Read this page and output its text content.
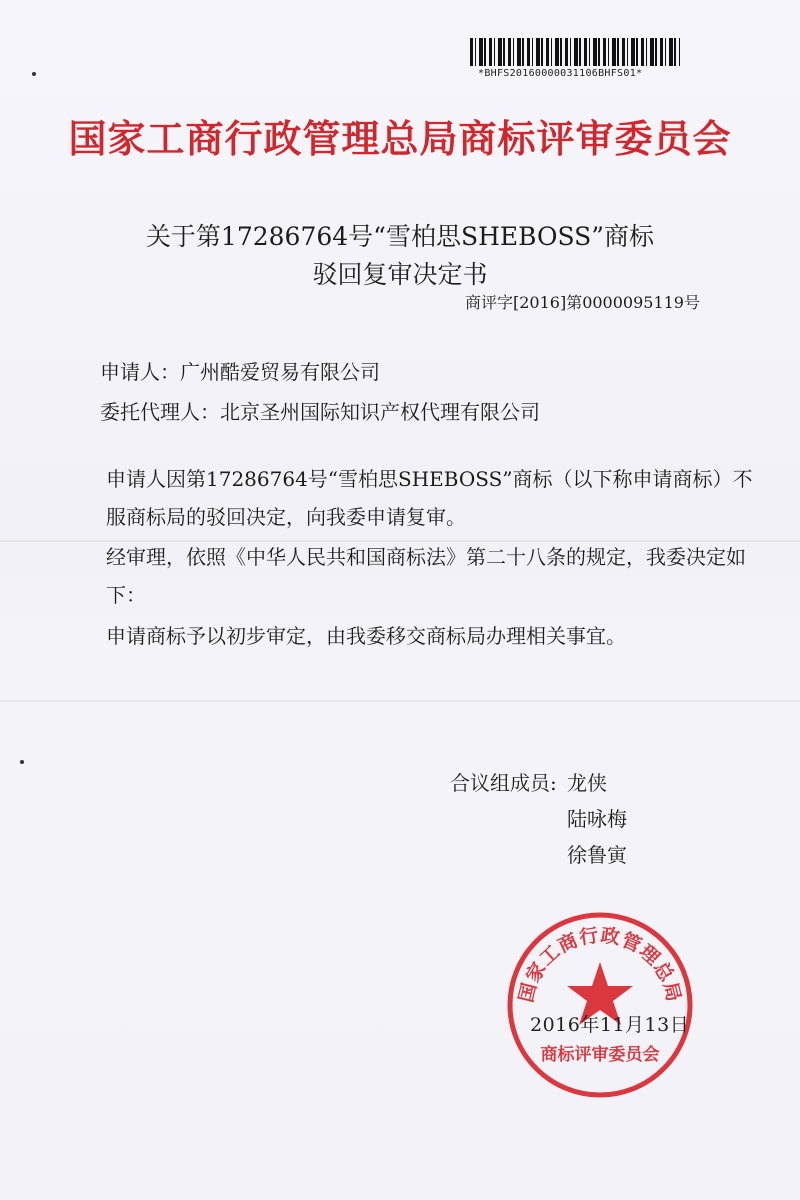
*BHFS20160000031106BHFS01*
国家工商行政管理总局商标评审委员会
关于第17286764号“雪柏思SHEBOSS”商标
驳回复审决定书
商评字[2016]第0000095119号
申请人：广州酷爱贸易有限公司
委托代理人：北京圣州国际知识产权代理有限公司
申请人因第17286764号“雪柏思SHEBOSS”商标（以下称申请商标）不服商标局的驳回决定，向我委申请复审。
经审理，依照《中华人民共和国商标法》第二十八条的规定，我委决定如下：
申请商标予以初步审定，由我委移交商标局办理相关事宜。
合议组成员: 龙侠
陆咏梅
徐鲁寅
国家工商行政管理总局
商标评审委员会
2016年11月13日
